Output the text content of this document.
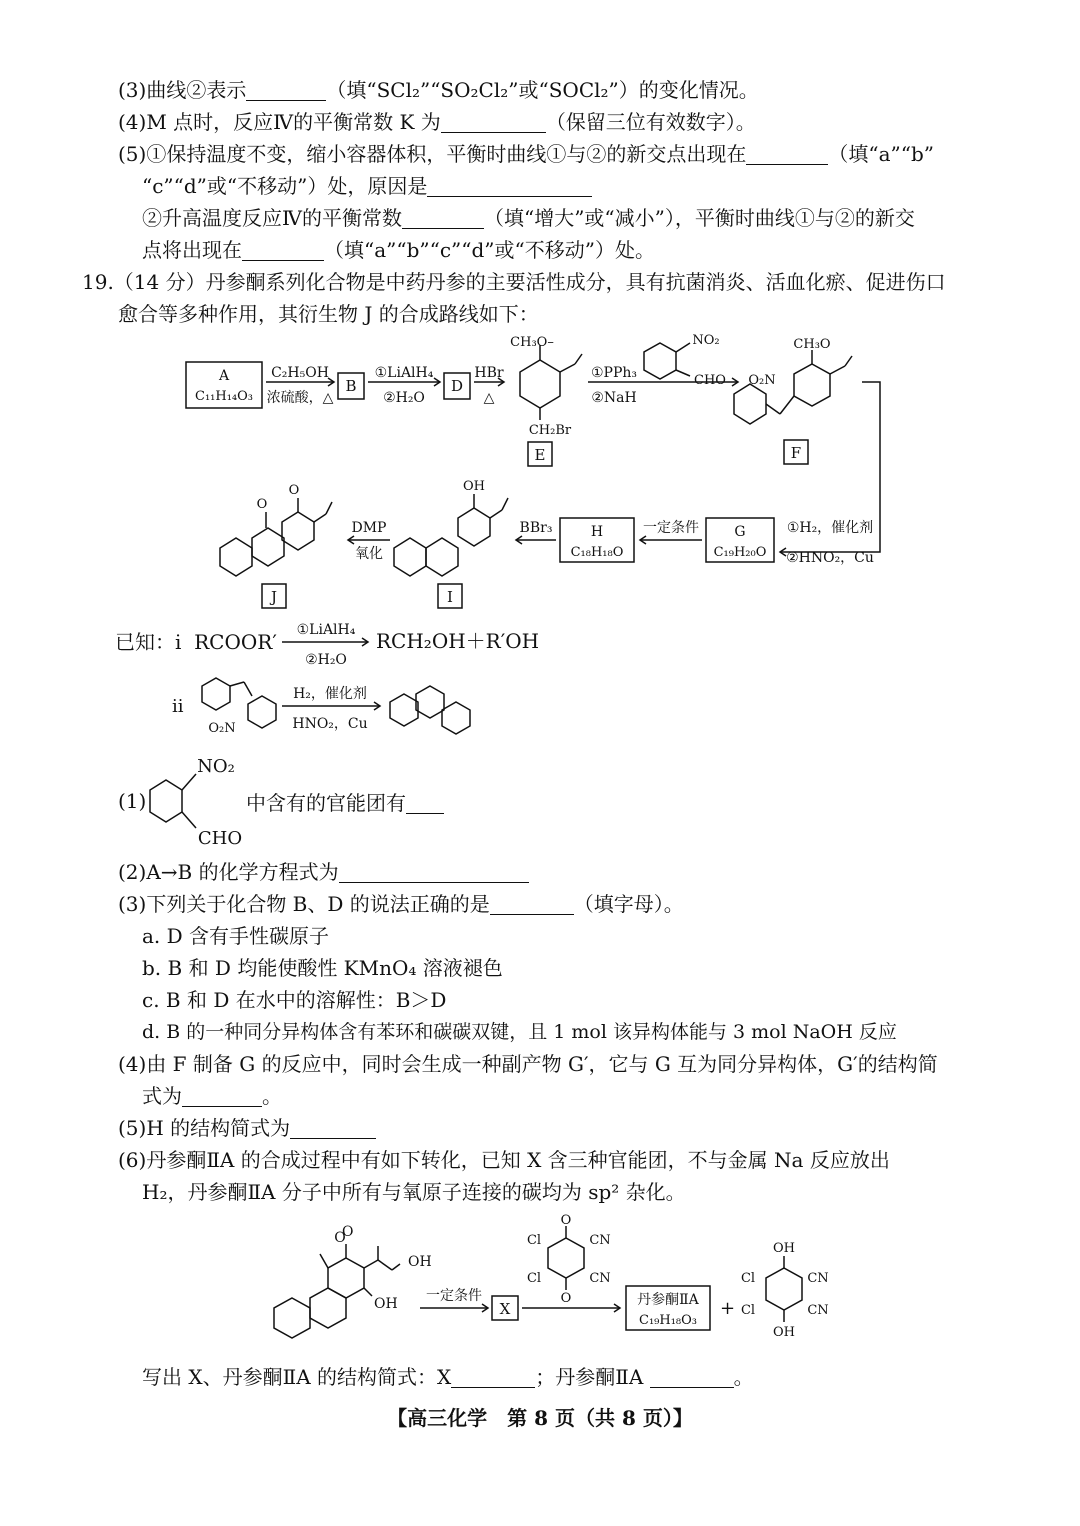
(3)曲线②表示	（填“SCl₂”“SO₂Cl₂”或“SOCl₂”）的变化情况。
(4)M 点时，反应Ⅳ的平衡常数 K 为	（保留三位有效数字）。
(5)①保持温度不变，缩小容器体积，平衡时曲线①与②的新交点出现在	（填“a”“b”
“c”“d”或“不移动”）处，原因是
②升高温度反应Ⅳ的平衡常数	（填“增大”或“减小”），平衡时曲线①与②的新交
点将出现在	（填“a”“b”“c”“d”或“不移动”）处。
19.（14 分）丹参酮系列化合物是中药丹参的主要活性成分，具有抗菌消炎、活血化瘀、促进伤口
愈合等多种作用，其衍生物 J 的合成路线如下：
A
C₁₁H₁₄O₃
C₂H₅OH
浓硫酸，△
B
①LiAlH₄
②H₂O
D
HBr
△
CH₃O–
CH₂Br
E
①PPh₃
②NaH
NO₂
CHO
CH₃O
O₂N
F
①H₂，催化剂
②HNO₂，Cu
G
C₁₉H₂₀O
一定条件
H
C₁₈H₁₈O
BBr₃
OH
I
DMP
氧化
O
O
J
已知：ⅰ RCOOR′ ①LiAlH₄
②H₂O
RCH₂OH＋R′OH
ⅱ
O₂N
H₂，催化剂
HNO₂，Cu
(1)
NO₂
CHO
中含有的官能团有
(2)A→B 的化学方程式为
(3)下列关于化合物 B、D 的说法正确的是	（填字母）。
a. D 含有手性碳原子
b. B 和 D 均能使酸性 KMnO₄ 溶液褪色
c. B 和 D 在水中的溶解性：B＞D
d. B 的一种同分异构体含有苯环和碳碳双键，且 1 mol 该异构体能与 3 mol NaOH 反应
(4)由 F 制备 G 的反应中，同时会生成一种副产物 G′，它与 G 互为同分异构体，G′的结构简
式为	。
(5)H 的结构简式为
(6)丹参酮ⅡA 的合成过程中有如下转化，已知 X 含三种官能团，不与金属 Na 反应放出
H₂，丹参酮ⅡA 分子中所有与氧原子连接的碳均为 sp² 杂化。
O
O
OH
OH 一定条件
X
O
O
Cl
Cl
CN
CN
丹参酮ⅡA
C₁₉H₁₈O₃
+
OH
OH
Cl
Cl
CN
CN
写出 X、丹参酮ⅡA 的结构简式：X	；丹参酮ⅡA	。
【高三化学　第 8 页（共 8 页）】
